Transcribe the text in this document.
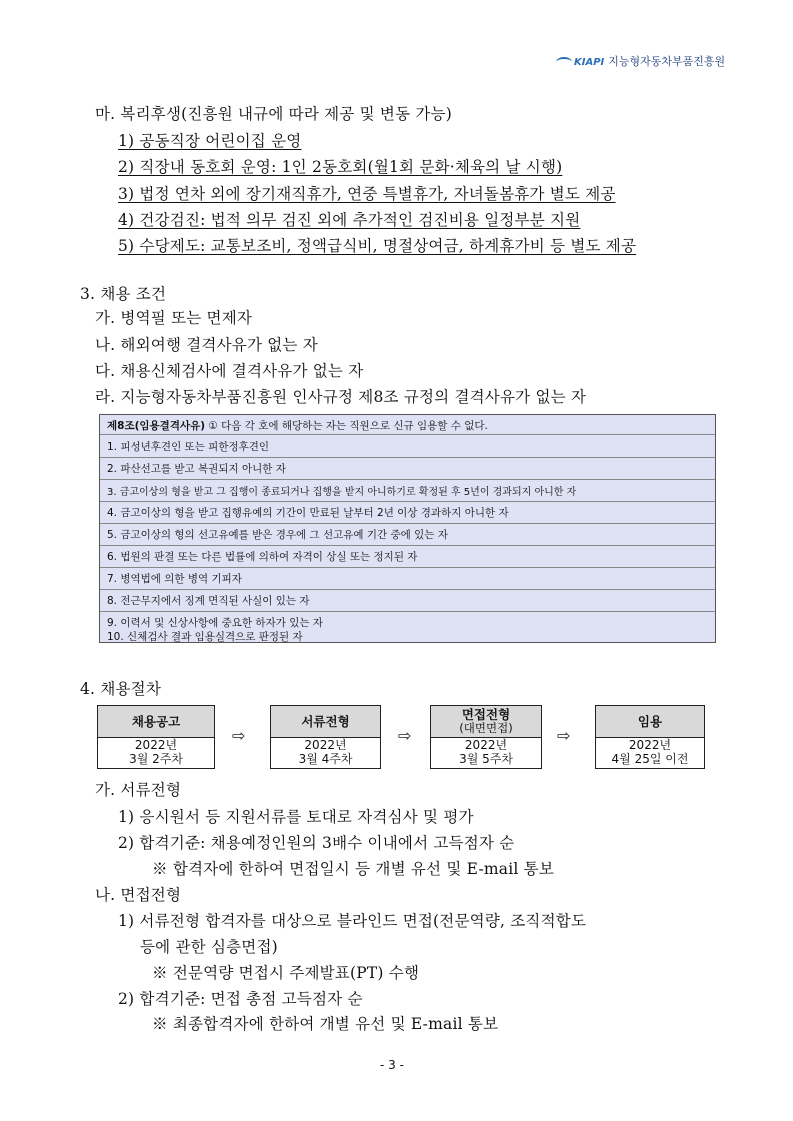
KIAPI 지능형자동차부품진흥원
마. 복리후생(진흥원 내규에 따라 제공 및 변동 가능)
1) 공동직장 어린이집 운영
2) 직장내 동호회 운영: 1인 2동호회(월1회 문화·체육의 날 시행)
3) 법정 연차 외에 장기재직휴가, 연중 특별휴가, 자녀돌봄휴가 별도 제공
4) 건강검진: 법적 의무 검진 외에 추가적인 검진비용 일정부분 지원
5) 수당제도: 교통보조비, 정액급식비, 명절상여금, 하계휴가비 등 별도 제공
3. 채용 조건
가. 병역필 또는 면제자
나. 해외여행 결격사유가 없는 자
다. 채용신체검사에 결격사유가 없는 자
라. 지능형자동차부품진흥원 인사규정 제8조 규정의 결격사유가 없는 자
제8조(임용결격사유) ① 다음 각 호에 해당하는 자는 직원으로 신규 임용할 수 없다.
1. 피성년후견인 또는 피한정후견인
2. 파산선고를 받고 복권되지 아니한 자
3. 금고이상의 형을 받고 그 집행이 종료되거나 집행을 받지 아니하기로 확정된 후 5년이 경과되지 아니한 자
4. 금고이상의 형을 받고 집행유예의 기간이 만료된 날부터 2년 이상 경과하지 아니한 자
5. 금고이상의 형의 선고유예를 받은 경우에 그 선고유예 기간 중에 있는 자
6. 법원의 판결 또는 다른 법률에 의하여 자격이 상실 또는 정지된 자
7. 병역법에 의한 병역 기피자
8. 전근무지에서 징계 면직된 사실이 있는 자
9. 이력서 및 신상사항에 중요한 하자가 있는 자
10. 신체검사 결과 임용실격으로 판정된 자
4. 채용절차
채용공고
2022년
3월 2주차
⇨
서류전형
2022년
3월 4주차
⇨
면접전형
(대면면접)
2022년
3월 5주차
⇨
임용
2022년
4월 25일 이전
가. 서류전형
1) 응시원서 등 지원서류를 토대로 자격심사 및 평가
2) 합격기준: 채용예정인원의 3배수 이내에서 고득점자 순
※ 합격자에 한하여 면접일시 등 개별 유선 및 E-mail 통보
나. 면접전형
1) 서류전형 합격자를 대상으로 블라인드 면접(전문역량, 조직적합도
등에 관한 심층면접)
※ 전문역량 면접시 주제발표(PT) 수행
2) 합격기준: 면접 총점 고득점자 순
※ 최종합격자에 한하여 개별 유선 및 E-mail 통보
- 3 -
